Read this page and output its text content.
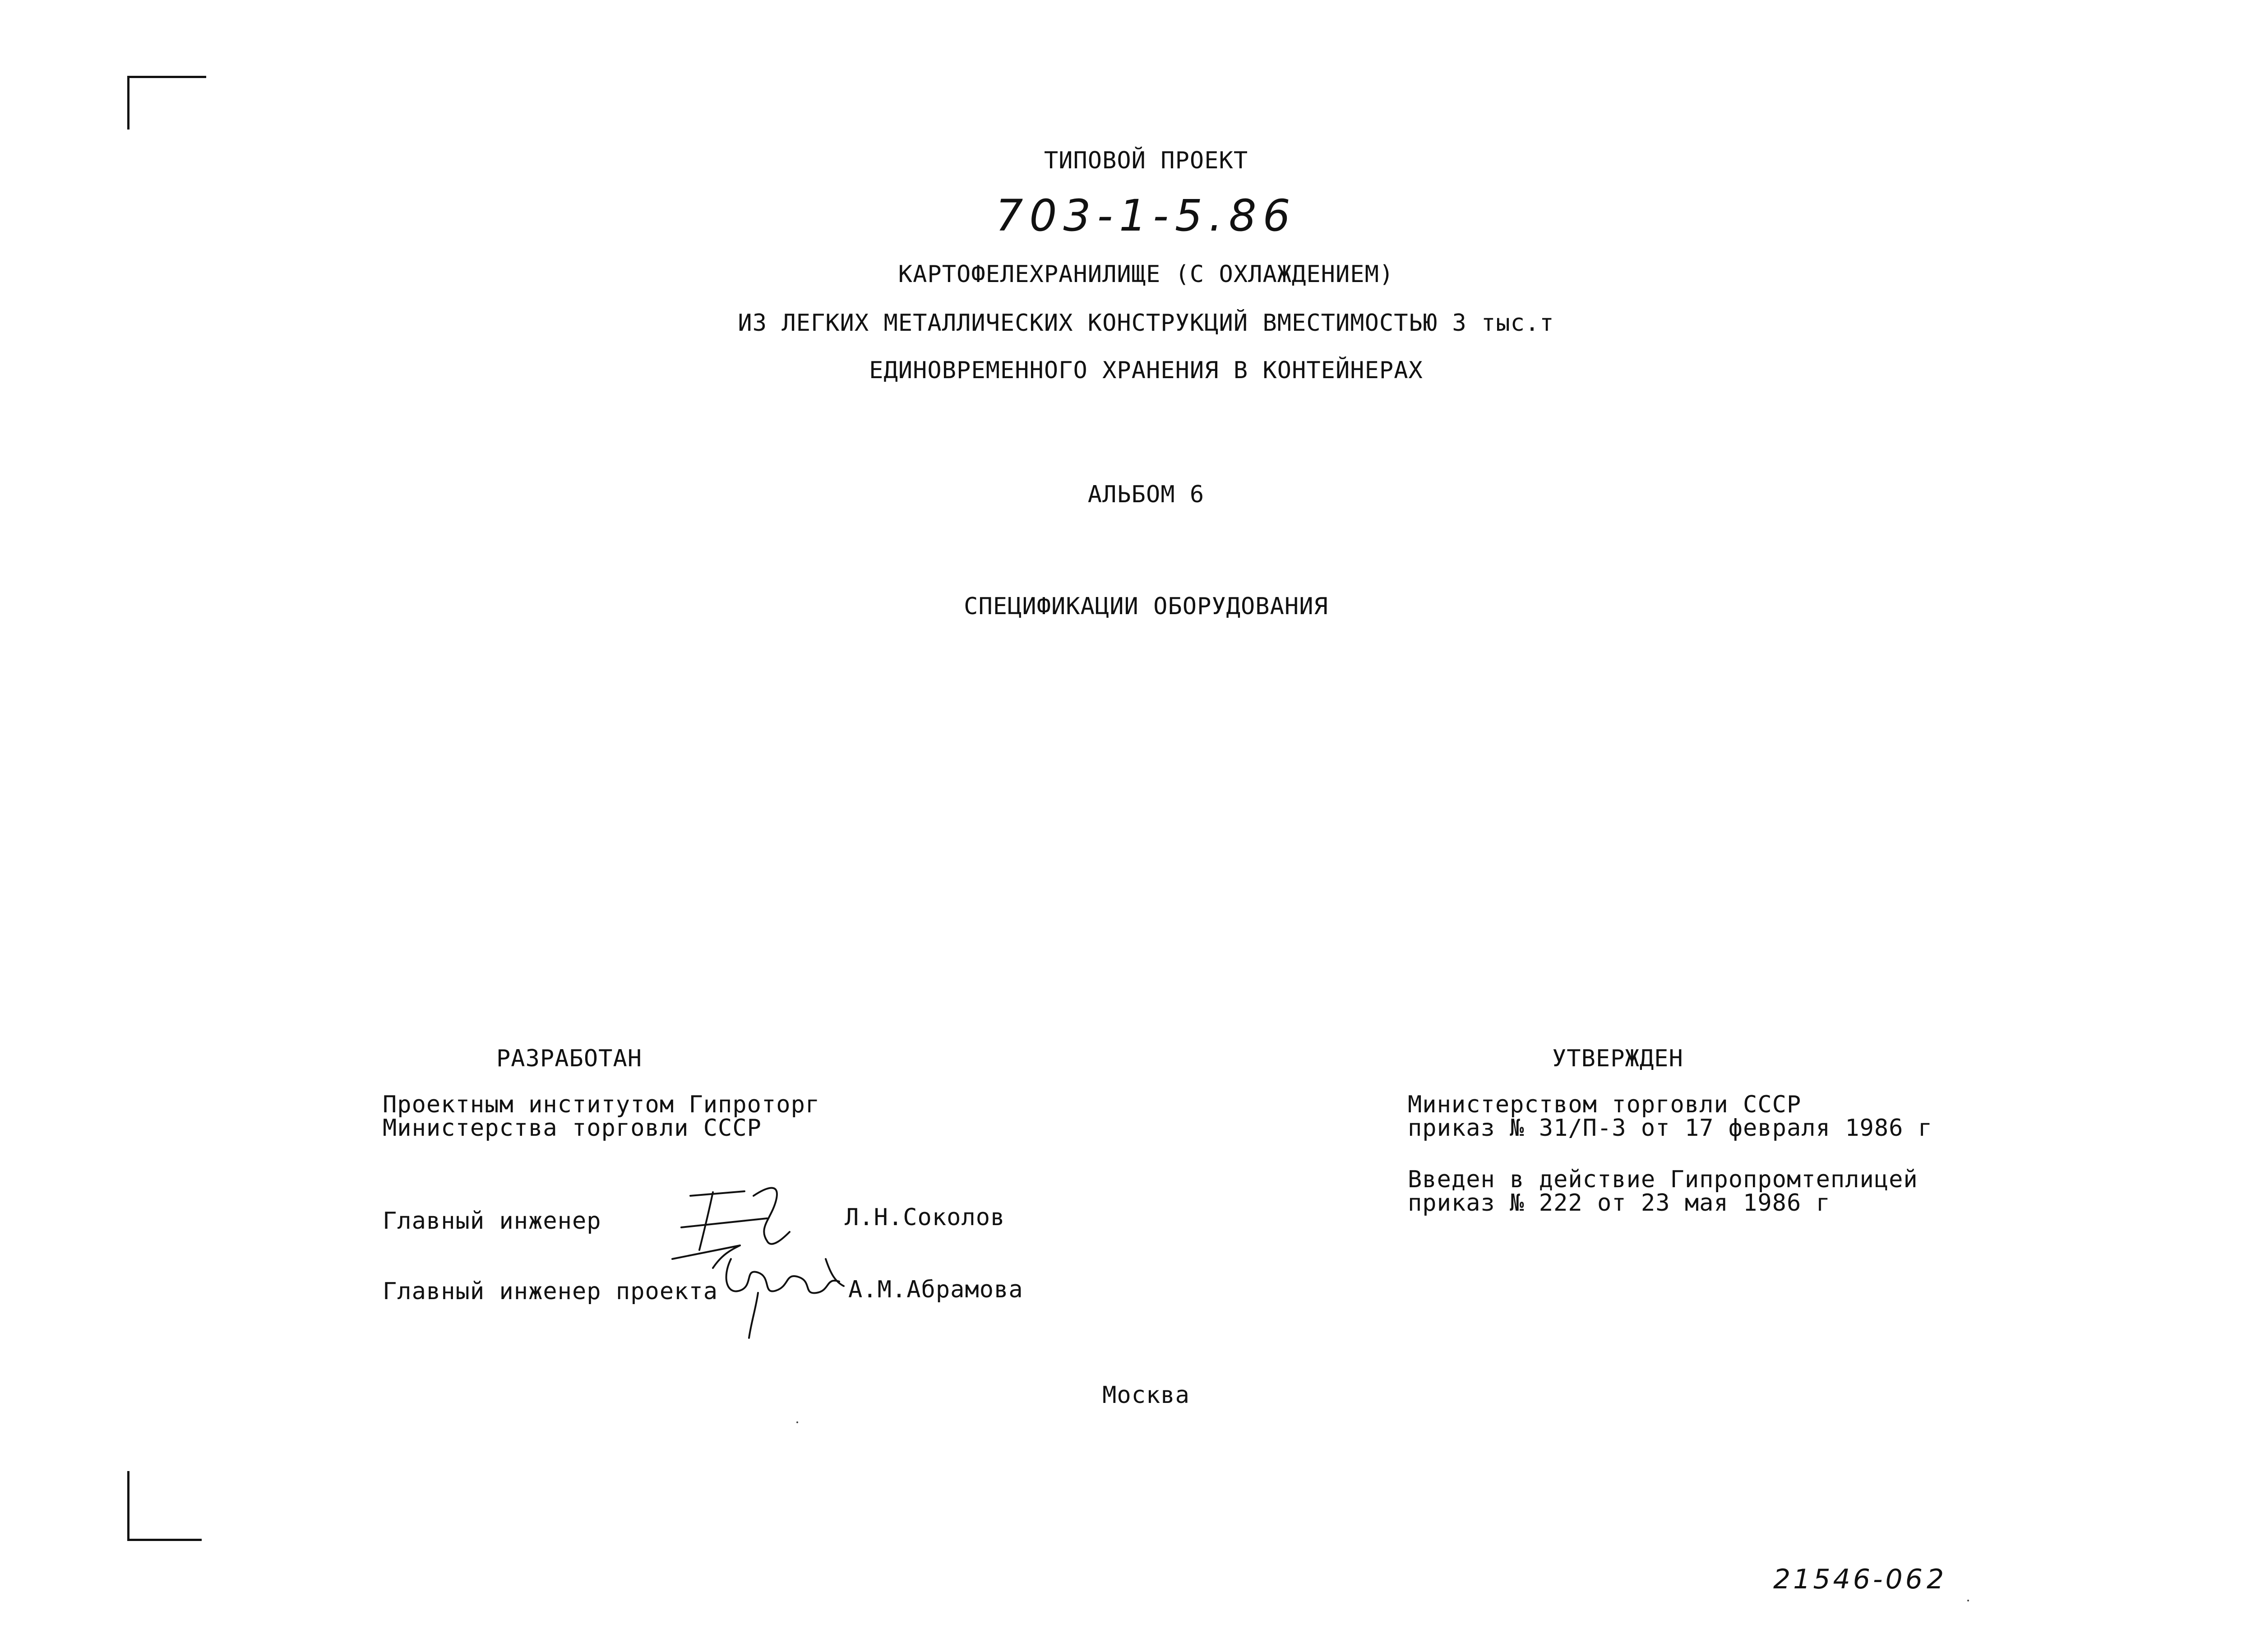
ТИПОВОЙ ПРОЕКТ
703-1-5.86
КАРТОФЕЛЕХРАНИЛИЩЕ (С ОХЛАЖДЕНИЕМ)
ИЗ ЛЕГКИХ МЕТАЛЛИЧЕСКИХ КОНСТРУКЦИЙ ВМЕСТИМОСТЬЮ 3 тыс.т
ЕДИНОВРЕМЕННОГО ХРАНЕНИЯ В КОНТЕЙНЕРАХ
АЛЬБОМ 6
СПЕЦИФИКАЦИИ ОБОРУДОВАНИЯ
РАЗРАБОТАН
Проектным институтом Гипроторг
Министерства торговли СССР
Главный инженер	Л.Н.Соколов
Главный инженер проекта	А.М.Абрамова
УТВЕРЖДЕН
Министерством торговли СССР
приказ № 31/П-3 от 17 февраля 1986 г
Введен в действие Гипропромтеплицей
приказ № 222 от 23 мая 1986 г
Москва
21546-06 2
